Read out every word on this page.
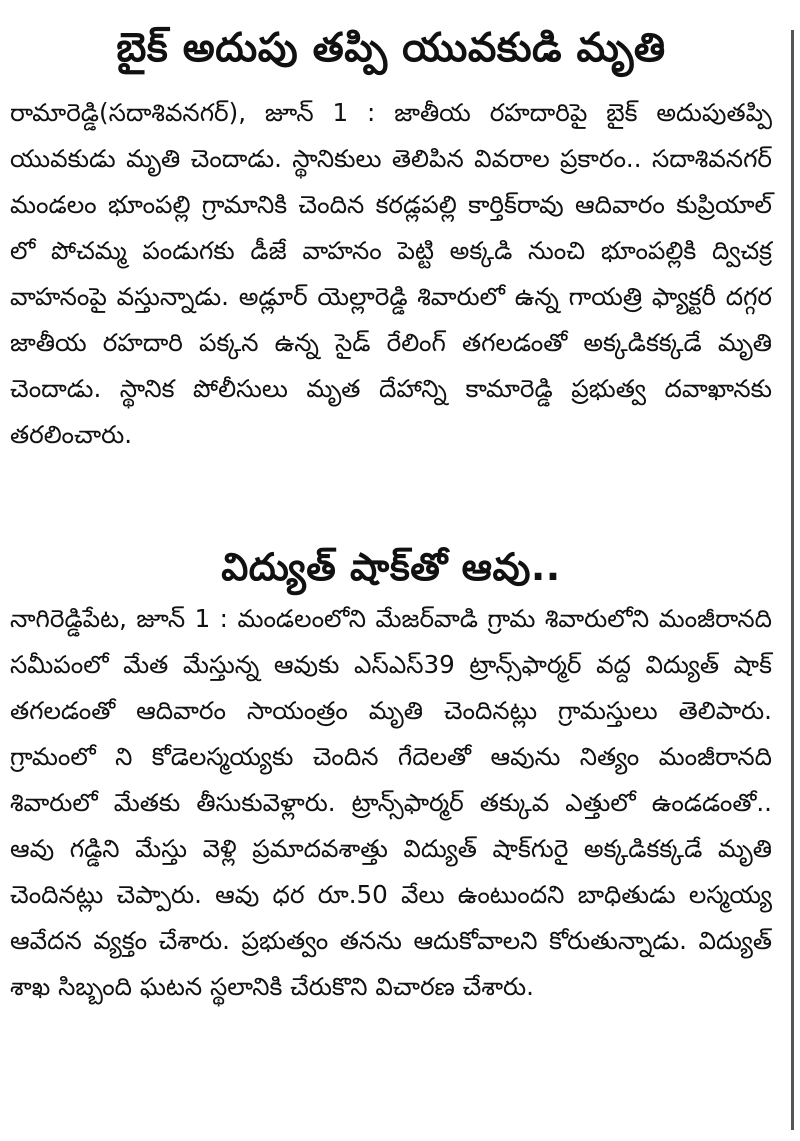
బైక్ అదుపు తప్పి యువకుడి మృతి

రామారెడ్డి(సదాశివనగర్), జూన్ 1 : జాతీయ రహదారిపై బైక్ అదుపుతప్పి యువకుడు మృతి చెందాడు. స్థానికులు తెలిపిన వివరాల ప్రకారం.. సదాశివనగర్ మండలం భూంపల్లి గ్రామానికి చెందిన కరడ్లపల్లి కార్తిక్‌రావు ఆదివారం కుప్రియాల్ లో పోచమ్మ పండుగకు డీజే వాహనం పెట్టి అక్కడి నుంచి భూంపల్లికి ద్విచక్ర వాహనంపై వస్తున్నాడు. అడ్లూర్ యెల్లారెడ్డి శివారులో ఉన్న గాయత్రి ఫ్యాక్టరీ దగ్గర జాతీయ రహదారి పక్కన ఉన్న సైడ్ రేలింగ్ తగలడంతో అక్కడికక్కడే మృతి చెందాడు. స్థానిక పోలీసులు మృత దేహాన్ని కామారెడ్డి ప్రభుత్వ దవాఖానకు తరలించారు.

విద్యుత్ షాక్‌తో ఆవు..

నాగిరెడ్డిపేట, జూన్ 1 : మండలంలోని మేజర్‌వాడి గ్రామ శివారులోని మంజీరానది సమీపంలో మేత మేస్తున్న ఆవుకు ఎస్‌ఎస్39 ట్రాన్స్‌ఫార్మర్ వద్ద విద్యుత్ షాక్ తగలడంతో ఆదివారం సాయంత్రం మృతి చెందినట్లు గ్రామస్తులు తెలిపారు. గ్రామంలో ని కోడెలస్మయ్యకు చెందిన గేదెలతో ఆవును నిత్యం మంజీరానది శివారులో మేతకు తీసుకువెళ్లారు. ట్రాన్స్‌ఫార్మర్ తక్కువ ఎత్తులో ఉండడంతో.. ఆవు గడ్డిని మేస్తు వెళ్లి ప్రమాదవశాత్తు విద్యుత్ షాక్‌గురై అక్కడికక్కడే మృతి చెందినట్లు చెప్పారు. ఆవు ధర రూ.50 వేలు ఉంటుందని బాధితుడు లస్మయ్య ఆవేదన వ్యక్తం చేశారు. ప్రభుత్వం తనను ఆదుకోవాలని కోరుతున్నాడు. విద్యుత్ శాఖ సిబ్బంది ఘటన స్థలానికి చేరుకొని విచారణ చేశారు.
